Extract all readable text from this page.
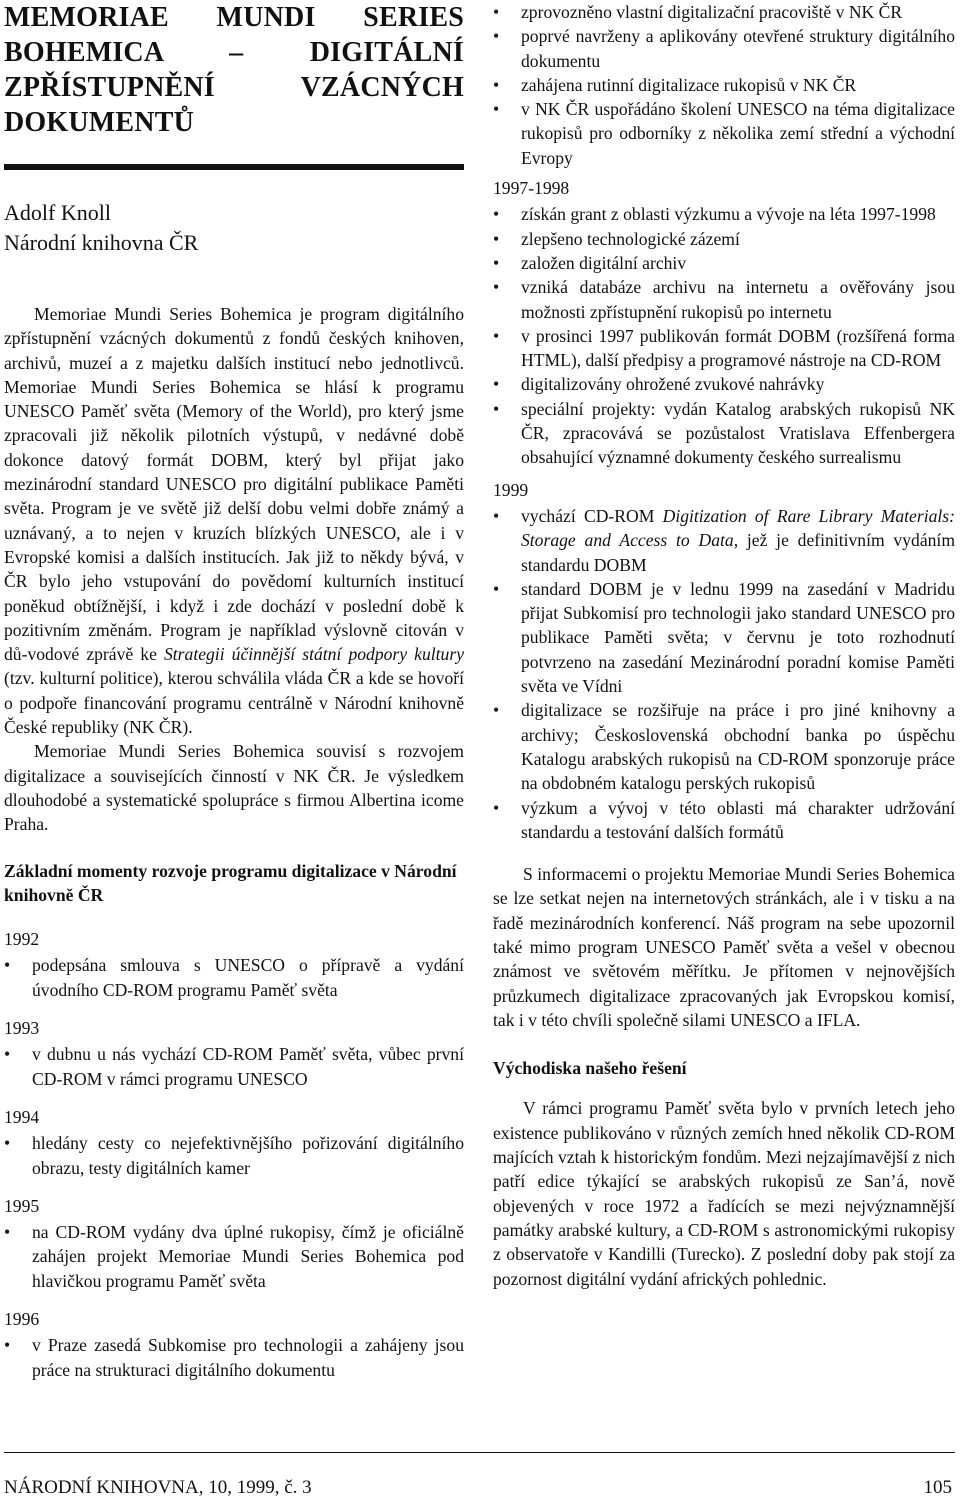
MEMORIAE MUNDI SERIES
BOHEMICA – DIGITÁLNÍ
ZPŘÍSTUPNĚNÍ VZÁCNÝCH
DOKUMENTŮ
Adolf Knoll
Národní knihovna ČR

Memoriae Mundi Series Bohemica je program digitálního zpřístupnění vzácných dokumentů z fondů českých knihoven, archivů, muzeí a z majetku dalších institucí nebo jednotlivců. Memoriae Mundi Series Bohemica se hlásí k programu UNESCO Paměť světa (Memory of the World), pro který jsme zpracovali již několik pilotních výstupů, v nedávné době dokonce datový formát DOBM, který byl přijat jako mezinárodní standard UNESCO pro digitální publikace Paměti světa. Program je ve světě již delší dobu velmi dobře známý a uznávaný, a to nejen v kruzích blízkých UNESCO, ale i v Evropské komisi a dalších institucích. Jak již to někdy bývá, v ČR bylo jeho vstupování do povědomí kulturních institucí poněkud obtížnější, i když i zde dochází v poslední době k pozitivním změnám. Program je například výslovně citován v dů-vodové zprávě ke Strategii účinnější státní podpory kultury (tzv. kulturní politice), kterou schválila vláda ČR a kde se hovoří o podpoře financování programu centrálně v Národní knihovně České republiky (NK ČR).

Memoriae Mundi Series Bohemica souvisí s rozvojem digitalizace a souvisejících činností v NK ČR. Je výsledkem dlouhodobé a systematické spolupráce s firmou Albertina icome Praha.

Základní momenty rozvoje programu digitalizace v Národní knihovně ČR
1992
• podepsána smlouva s UNESCO o přípravě a vydání úvodního CD-ROM programu Paměť světa
1993
• v dubnu u nás vychází CD-ROM Paměť světa, vůbec první CD-ROM v rámci programu UNESCO
1994
• hledány cesty co nejefektivnějšího pořizování digitálního obrazu, testy digitálních kamer
1995
• na CD-ROM vydány dva úplné rukopisy, čímž je oficiálně zahájen projekt Memoriae Mundi Series Bohemica pod hlavičkou programu Paměť světa
1996
• v Praze zasedá Subkomise pro technologii a zahájeny jsou práce na strukturaci digitálního dokumentu
• zprovozněno vlastní digitalizační pracoviště v NK ČR
• poprvé navrženy a aplikovány otevřené struktury digitálního dokumentu
• zahájena rutinní digitalizace rukopisů v NK ČR
• v NK ČR uspořádáno školení UNESCO na téma digitalizace rukopisů pro odborníky z několika zemí střední a východní Evropy
1997-1998
• získán grant z oblasti výzkumu a vývoje na léta 1997-1998
• zlepšeno technologické zázemí
• založen digitální archiv
• vzniká databáze archivu na internetu a ověřovány jsou možnosti zpřístupnění rukopisů po internetu
• v prosinci 1997 publikován formát DOBM (rozšířená forma HTML), další předpisy a programové nástroje na CD-ROM
• digitalizovány ohrožené zvukové nahrávky
• speciální projekty: vydán Katalog arabských rukopisů NK ČR, zpracovává se pozůstalost Vratislava Effenbergera obsahující významné dokumenty českého surrealismu
1999
• vychází CD-ROM Digitization of Rare Library Materials: Storage and Access to Data, jež je definitivním vydáním standardu DOBM
• standard DOBM je v lednu 1999 na zasedání v Madridu přijat Subkomisí pro technologii jako standard UNESCO pro publikace Paměti světa; v červnu je toto rozhodnutí potvrzeno na zasedání Mezinárodní poradní komise Paměti světa ve Vídni
• digitalizace se rozšiřuje na práce i pro jiné knihovny a archivy; Československá obchodní banka po úspěchu Katalogu arabských rukopisů na CD-ROM sponzoruje práce na obdobném katalogu perských rukopisů
• výzkum a vývoj v této oblasti má charakter udržování standardu a testování dalších formátů

S informacemi o projektu Memoriae Mundi Series Bohemica se lze setkat nejen na internetových stránkách, ale i v tisku a na řadě mezinárodních konferencí. Náš program na sebe upozornil také mimo program UNESCO Paměť světa a vešel v obecnou známost ve světovém měřítku. Je přítomen v nejnovějších průzkumech digitalizace zpracovaných jak Evropskou komisí, tak i v této chvíli společně silami UNESCO a IFLA.

Východiska našeho řešení

V rámci programu Paměť světa bylo v prvních letech jeho existence publikováno v různých zemích hned několik CD-ROM majících vztah k historickým fondům. Mezi nejzajímavější z nich patří edice týkající se arabských rukopisů ze San’á, nově objevených v roce 1972 a řadících se mezi nejvýznamnější památky arabské kultury, a CD-ROM s astronomickými rukopisy z observatoře v Kandilli (Turecko). Z poslední doby pak stojí za pozornost digitální vydání afrických pohlednic.

NÁRODNÍ KNIHOVNA, 10, 1999, č. 3	105
